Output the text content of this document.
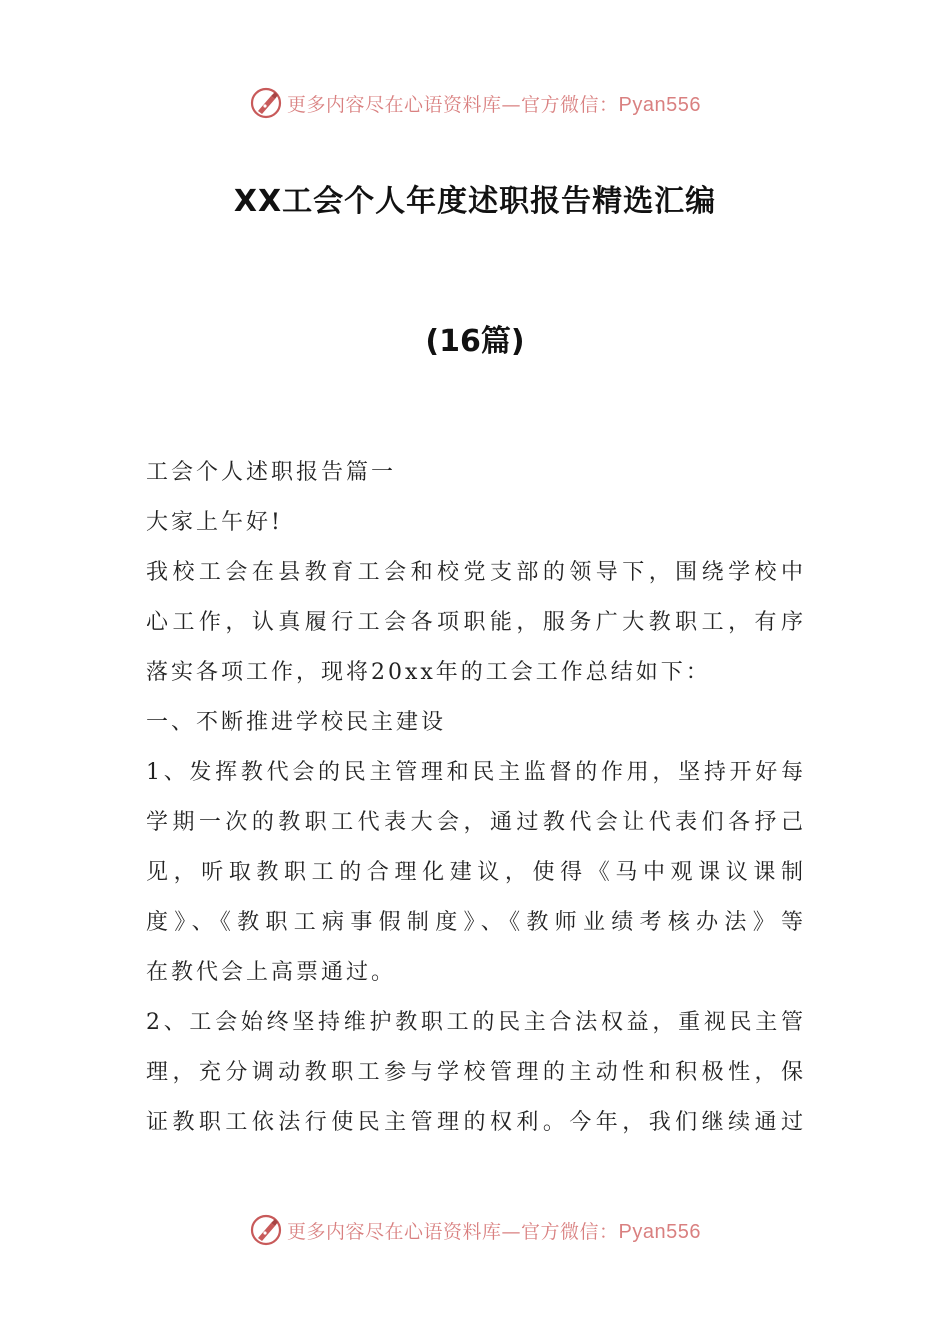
更多内容尽在心语资料库—官方微信：Pyan556
XX工会个人年度述职报告精选汇编
(16篇)
工会个人述职报告篇一
大家上午好!
我校工会在县教育工会和校党支部的领导下，围绕学校中
心工作，认真履行工会各项职能，服务广大教职工，有序
落实各项工作，现将20xx年的工会工作总结如下：
一、不断推进学校民主建设
1、发挥教代会的民主管理和民主监督的作用，坚持开好每
学期一次的教职工代表大会，通过教代会让代表们各抒己
见，听取教职工的合理化建议，使得《马中观课议课制
度》、《教职工病事假制度》、《教师业绩考核办法》等
在教代会上高票通过。
2、工会始终坚持维护教职工的民主合法权益，重视民主管
理，充分调动教职工参与学校管理的主动性和积极性，保
证教职工依法行使民主管理的权利。今年，我们继续通过
更多内容尽在心语资料库—官方微信：Pyan556
